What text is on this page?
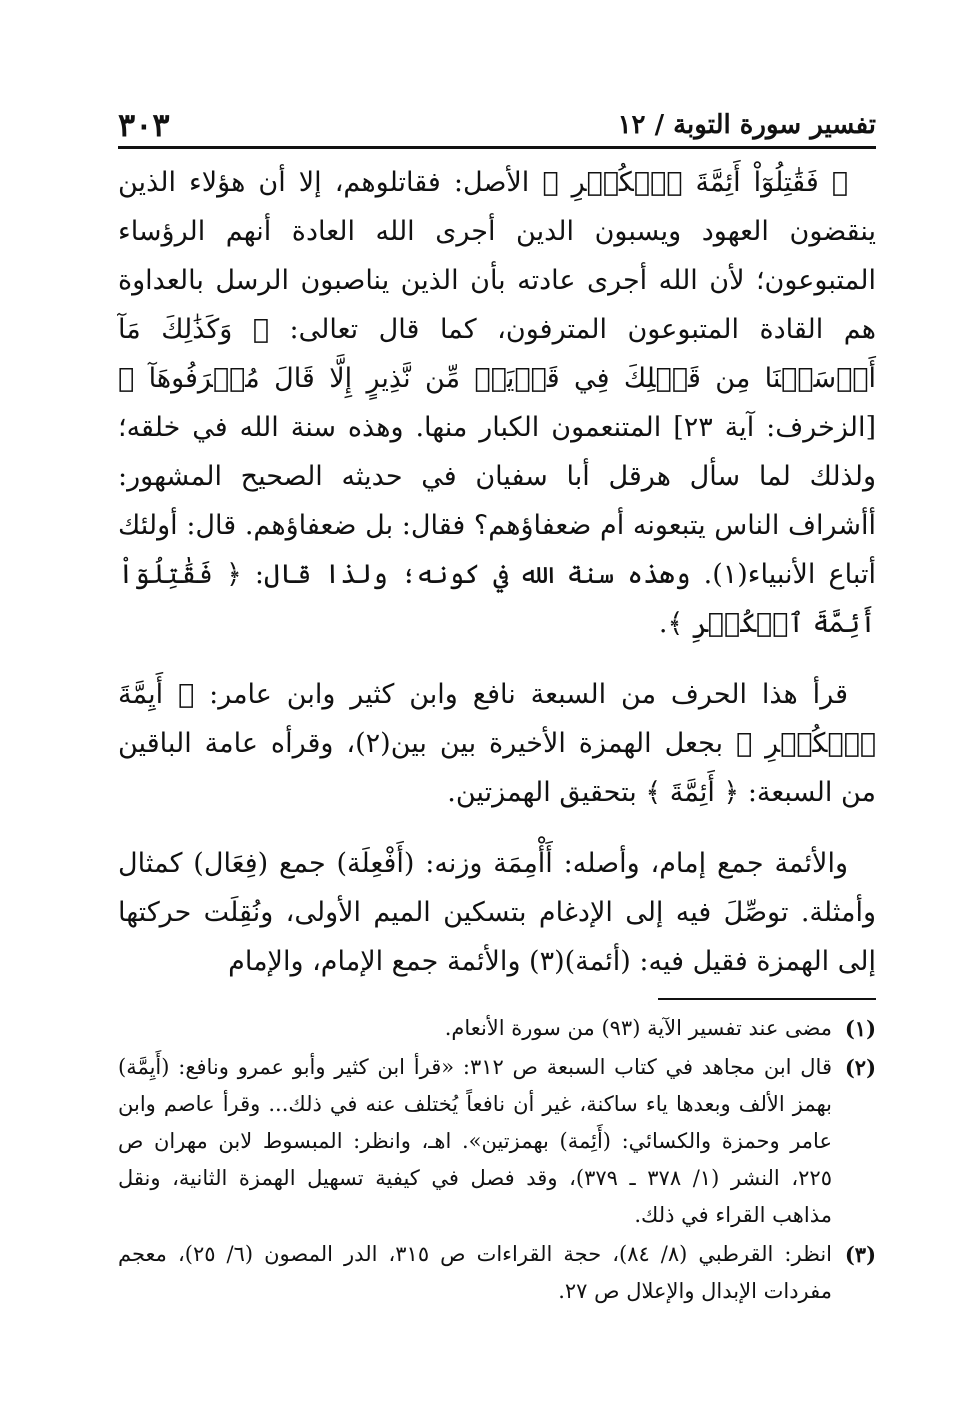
تفسير سورة التوبة / ١٢
٣٠٣

﴿ فَقَٰتِلُوٓاْ أَئِمَّةَ ٱلۡكُفۡرِ ﴾ الأصل: فقاتلوهم، إلا أن هؤلاء الذين ينقضون العهود ويسبون الدين أجرى الله العادة أنهم الرؤساء المتبوعون؛ لأن الله أجرى عادته بأن الذين يناصبون الرسل بالعداوة هم القادة المتبوعون المترفون، كما قال تعالى: ﴿ وَكَذَٰلِكَ مَآ أَرۡسَلۡنَا مِن قَبۡلِكَ فِي قَرۡيَةٖ مِّن نَّذِيرٍ إِلَّا قَالَ مُتۡرَفُوهَآ ﴾ [الزخرف: آية ٢٣] المتنعمون الكبار منها. وهذه سنة الله في خلقه؛ ولذلك لما سأل هرقل أبا سفيان في حديثه الصحيح المشهور: أأشراف الناس يتبعونه أم ضعفاؤهم؟ فقال: بل ضعفاؤهم. قال: أولئك أتباع الأنبياء(١). وهذه سنة الله في كونه؛ ولذا قال: ﴿ فَقَٰتِلُوٓاْ أَئِمَّةَ ٱلۡكُفۡرِ ﴾.

قرأ هذا الحرف من السبعة نافع وابن كثير وابن عامر: ﴿ أَيِمَّةَ ٱلۡكُفۡرِ ﴾ بجعل الهمزة الأخيرة بين بين(٢)، وقرأه عامة الباقين من السبعة: ﴿ أَئِمَّةَ ﴾ بتحقيق الهمزتين.

والأئمة جمع إمام، وأصله: أَأْمِمَة وزنه: (أَفْعِلَة) جمع (فِعَال) كمثال وأمثلة. توصِّلَ فيه إلى الإدغام بتسكين الميم الأولى، ونُقِلَت حركتها إلى الهمزة فقيل فيه: (أئمة)(٣) والأئمة جمع الإمام، والإمام

(١)
مضى عند تفسير الآية (٩٣) من سورة الأنعام.
(٢)
قال ابن مجاهد في كتاب السبعة ص ٣١٢: «قرأ ابن كثير وأبو عمرو ونافع: (أَيِمَّة) بهمز الألف وبعدها ياء ساكنة، غير أن نافعاً يُختلف عنه في ذلك... وقرأ عاصم وابن عامر وحمزة والكسائي: (أَئِمة) بهمزتين». اهـ، وانظر: المبسوط لابن مهران ص ٢٢٥، النشر (١/ ٣٧٨ ـ ٣٧٩)، وقد فصل في كيفية تسهيل الهمزة الثانية، ونقل مذاهب القراء في ذلك.
(٣)
انظر: القرطبي (٨/ ٨٤)، حجة القراءات ص ٣١٥، الدر المصون (٦/ ٢٥)، معجم مفردات الإبدال والإعلال ص ٢٧.
